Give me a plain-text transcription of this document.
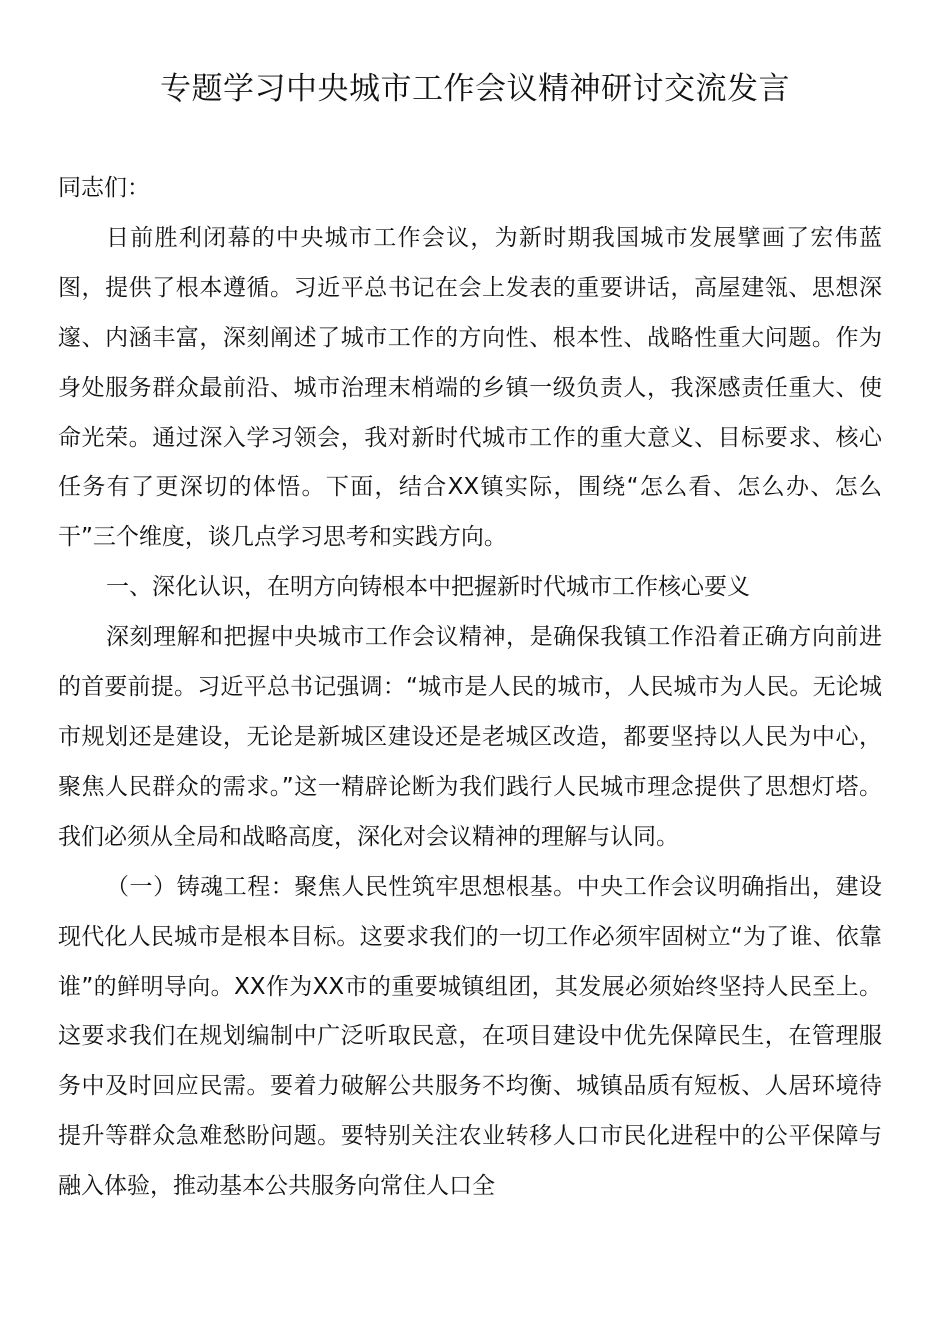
专题学习中央城市工作会议精神研讨交流发言

同志们：

日前胜利闭幕的中央城市工作会议，为新时期我国城市发展擘画了宏伟蓝图，提供了根本遵循。习近平总书记在会上发表的重要讲话，高屋建瓴、思想深邃、内涵丰富，深刻阐述了城市工作的方向性、根本性、战略性重大问题。作为身处服务群众最前沿、城市治理末梢端的乡镇一级负责人，我深感责任重大、使命光荣。通过深入学习领会，我对新时代城市工作的重大意义、目标要求、核心任务有了更深切的体悟。下面，结合XX镇实际，围绕“怎么看、怎么办、怎么干”三个维度，谈几点学习思考和实践方向。

一、深化认识，在明方向铸根本中把握新时代城市工作核心要义

深刻理解和把握中央城市工作会议精神，是确保我镇工作沿着正确方向前进的首要前提。习近平总书记强调：“城市是人民的城市，人民城市为人民。无论城市规划还是建设，无论是新城区建设还是老城区改造，都要坚持以人民为中心，聚焦人民群众的需求。”这一精辟论断为我们践行人民城市理念提供了思想灯塔。我们必须从全局和战略高度，深化对会议精神的理解与认同。

（一）铸魂工程：聚焦人民性筑牢思想根基。中央工作会议明确指出，建设现代化人民城市是根本目标。这要求我们的一切工作必须牢固树立“为了谁、依靠谁”的鲜明导向。XX作为XX市的重要城镇组团，其发展必须始终坚持人民至上。这要求我们在规划编制中广泛听取民意，在项目建设中优先保障民生，在管理服务中及时回应民需。要着力破解公共服务不均衡、城镇品质有短板、人居环境待提升等群众急难愁盼问题。要特别关注农业转移人口市民化进程中的公平保障与融入体验，推动基本公共服务向常住人口全
